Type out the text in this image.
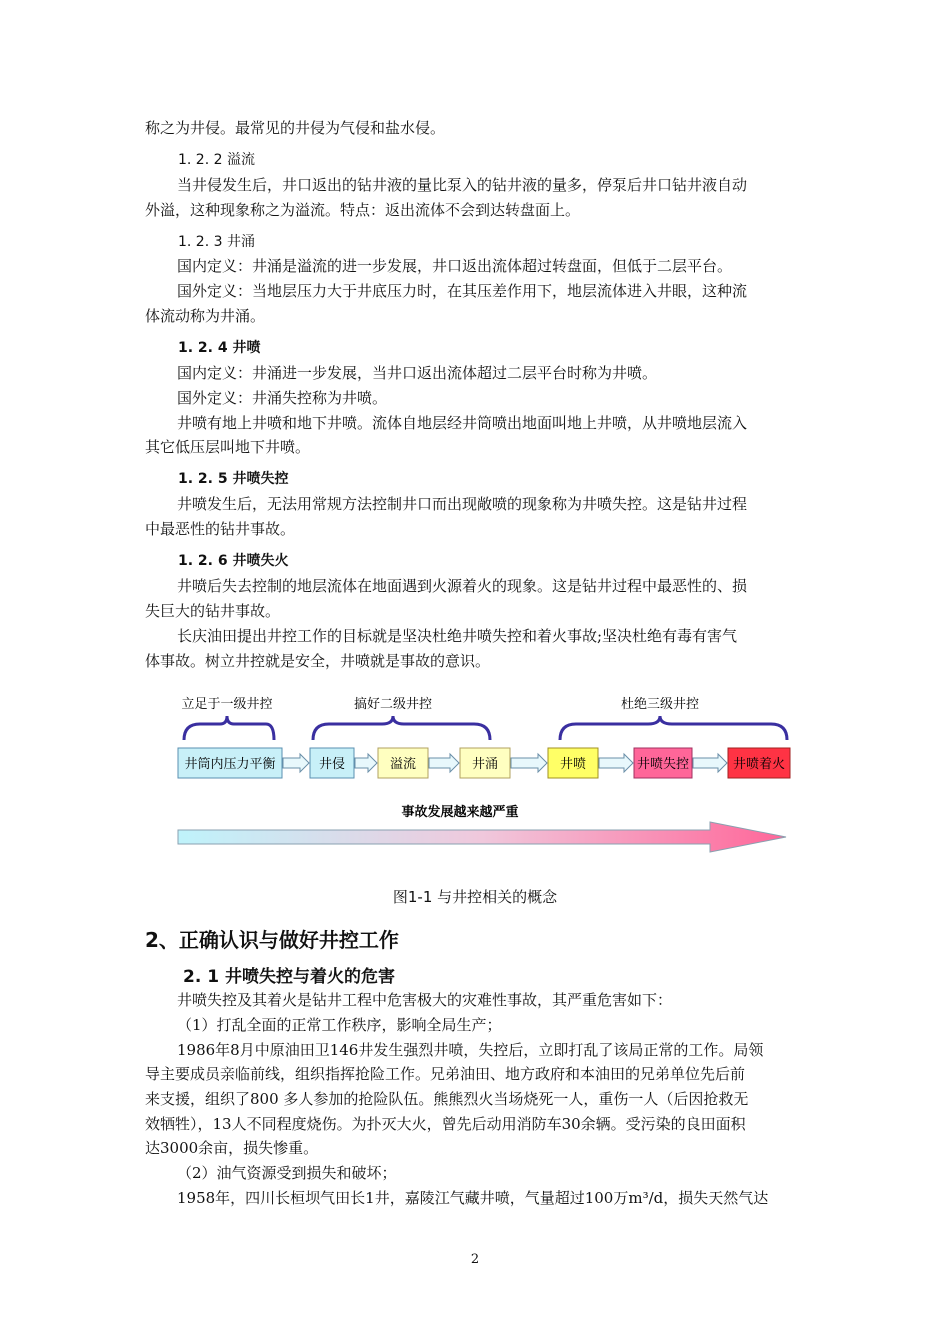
称之为井侵。最常见的井侵为气侵和盐水侵。
1. 2. 2 溢流
当井侵发生后，井口返出的钻井液的量比泵入的钻井液的量多，停泵后井口钻井液自动
外溢，这种现象称之为溢流。特点：返出流体不会到达转盘面上。
1. 2. 3 井涌
国内定义：井涌是溢流的进一步发展，井口返出流体超过转盘面，但低于二层平台。
国外定义：当地层压力大于井底压力时，在其压差作用下，地层流体进入井眼，这种流
体流动称为井涌。
1. 2. 4 井喷
国内定义：井涌进一步发展，当井口返出流体超过二层平台时称为井喷。
国外定义：井涌失控称为井喷。
井喷有地上井喷和地下井喷。流体自地层经井筒喷出地面叫地上井喷，从井喷地层流入
其它低压层叫地下井喷。
1. 2. 5 井喷失控
井喷发生后，无法用常规方法控制井口而出现敞喷的现象称为井喷失控。这是钻井过程
中最恶性的钻井事故。
1. 2. 6 井喷失火
井喷后失去控制的地层流体在地面遇到火源着火的现象。这是钻井过程中最恶性的、损
失巨大的钻井事故。
长庆油田提出井控工作的目标就是坚决杜绝井喷失控和着火事故;坚决杜绝有毒有害气
体事故。树立井控就是安全，井喷就是事故的意识。
立足于一级井控	搞好二级井控	杜绝三级井控
井筒内压力平衡	井侵	溢流	井涌	井喷	井喷失控	井喷着火
事故发展越来越严重
图1-1 与井控相关的概念
2、正确认识与做好井控工作
2. 1 井喷失控与着火的危害
井喷失控及其着火是钻井工程中危害极大的灾难性事故，其严重危害如下：
（1）打乱全面的正常工作秩序，影响全局生产；
1986年8月中原油田卫146井发生强烈井喷，失控后，立即打乱了该局正常的工作。局领
导主要成员亲临前线，组织指挥抢险工作。兄弟油田、地方政府和本油田的兄弟单位先后前
来支援，组织了800 多人参加的抢险队伍。熊熊烈火当场烧死一人，重伤一人（后因抢救无
效牺牲），13人不同程度烧伤。为扑灭大火，曾先后动用消防车30余辆。受污染的良田面积
达3000余亩，损失惨重。
（2）油气资源受到损失和破坏；
1958年，四川长桓坝气田长1井，嘉陵江气藏井喷，气量超过100万m³/d，损失天然气达
2
